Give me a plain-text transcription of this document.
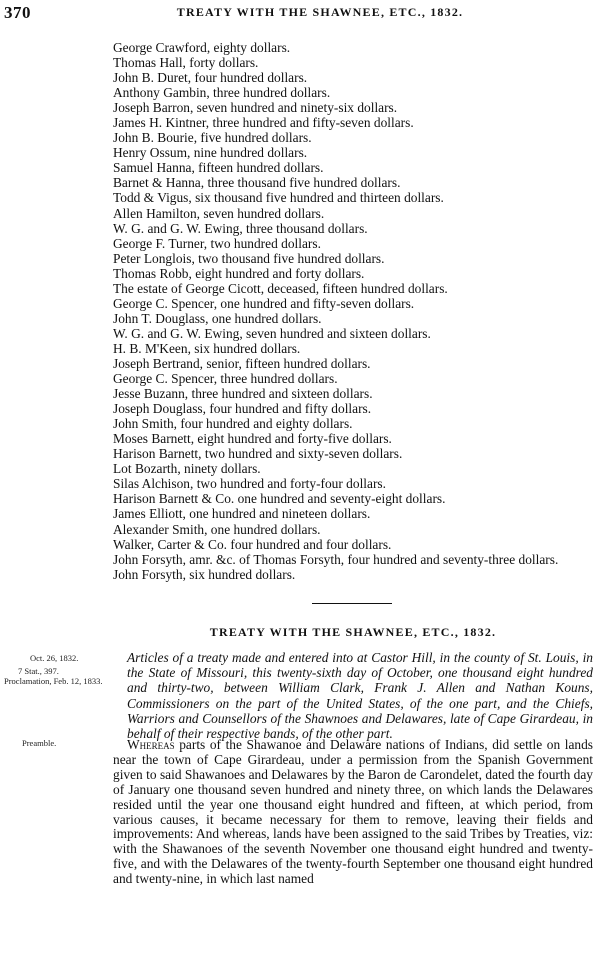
370	TREATY WITH THE SHAWNEE, ETC., 1832.
George Crawford, eighty dollars.
Thomas Hall, forty dollars.
John B. Duret, four hundred dollars.
Anthony Gambin, three hundred dollars.
Joseph Barron, seven hundred and ninety-six dollars.
James H. Kintner, three hundred and fifty-seven dollars.
John B. Bourie, five hundred dollars.
Henry Ossum, nine hundred dollars.
Samuel Hanna, fifteen hundred dollars.
Barnet & Hanna, three thousand five hundred dollars.
Todd & Vigus, six thousand five hundred and thirteen dollars.
Allen Hamilton, seven hundred dollars.
W. G. and G. W. Ewing, three thousand dollars.
George F. Turner, two hundred dollars.
Peter Longlois, two thousand five hundred dollars.
Thomas Robb, eight hundred and forty dollars.
The estate of George Cicott, deceased, fifteen hundred dollars.
George C. Spencer, one hundred and fifty-seven dollars.
John T. Douglass, one hundred dollars.
W. G. and G. W. Ewing, seven hundred and sixteen dollars.
H. B. M'Keen, six hundred dollars.
Joseph Bertrand, senior, fifteen hundred dollars.
George C. Spencer, three hundred dollars.
Jesse Buzann, three hundred and sixteen dollars.
Joseph Douglass, four hundred and fifty dollars.
John Smith, four hundred and eighty dollars.
Moses Barnett, eight hundred and forty-five dollars.
Harison Barnett, two hundred and sixty-seven dollars.
Lot Bozarth, ninety dollars.
Silas Alchison, two hundred and forty-four dollars.
Harison Barnett & Co. one hundred and seventy-eight dollars.
James Elliott, one hundred and nineteen dollars.
Alexander Smith, one hundred dollars.
Walker, Carter & Co. four hundred and four dollars.
John Forsyth, amr. &c. of Thomas Forsyth, four hundred and seventy-three dollars.
John Forsyth, six hundred dollars.
TREATY WITH THE SHAWNEE, ETC., 1832.
Oct. 26, 1832.
7 Stat., 397.
Proclamation, Feb. 12, 1833.
Preamble.

Articles of a treaty made and entered into at Castor Hill, in the county of St. Louis, in the State of Missouri, this twenty-sixth day of October, one thousand eight hundred and thirty-two, between William Clark, Frank J. Allen and Nathan Kouns, Commissioners on the part of the United States, of the one part, and the Chiefs, Warriors and Counsellors of the Shawnoes and Delawares, late of Cape Girardeau, in behalf of their respective bands, of the other part.

Whereas parts of the Shawanoe and Delaware nations of Indians, did settle on lands near the town of Cape Girardeau, under a permission from the Spanish Government given to said Shawanoes and Delawares by the Baron de Carondelet, dated the fourth day of January one thousand seven hundred and ninety three, on which lands the Delawares resided until the year one thousand eight hundred and fifteen, at which period, from various causes, it became necessary for them to remove, leaving their fields and improvements: And whereas, lands have been assigned to the said Tribes by Treaties, viz: with the Shawanoes of the seventh November one thousand eight hundred and twenty-five, and with the Delawares of the twenty-fourth September one thousand eight hundred and twenty-nine, in which last named
